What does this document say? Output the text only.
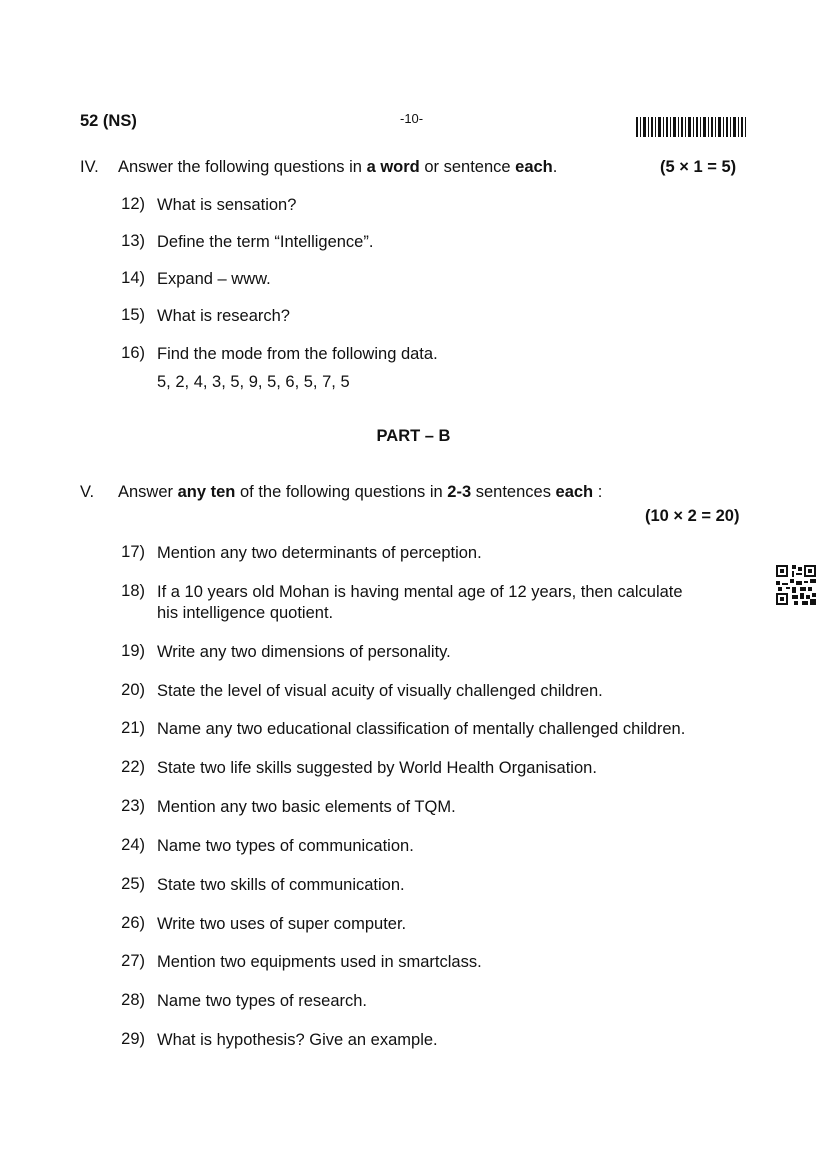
52 (NS)	-10-
IV. Answer the following questions in a word or sentence each.	(5 × 1 = 5)
12) What is sensation?
13) Define the term “Intelligence”.
14) Expand – www.
15) What is research?
16) Find the mode from the following data.
5, 2, 4, 3, 5, 9, 5, 6, 5, 7, 5
PART – B
V. Answer any ten of the following questions in 2-3 sentences each :
(10 × 2 = 20)
17) Mention any two determinants of perception.
18) If a 10 years old Mohan is having mental age of 12 years, then calculate
his intelligence quotient.
19) Write any two dimensions of personality.
20) State the level of visual acuity of visually challenged children.
21) Name any two educational classification of mentally challenged children.
22) State two life skills suggested by World Health Organisation.
23) Mention any two basic elements of TQM.
24) Name two types of communication.
25) State two skills of communication.
26) Write two uses of super computer.
27) Mention two equipments used in smartclass.
28) Name two types of research.
29) What is hypothesis? Give an example.
